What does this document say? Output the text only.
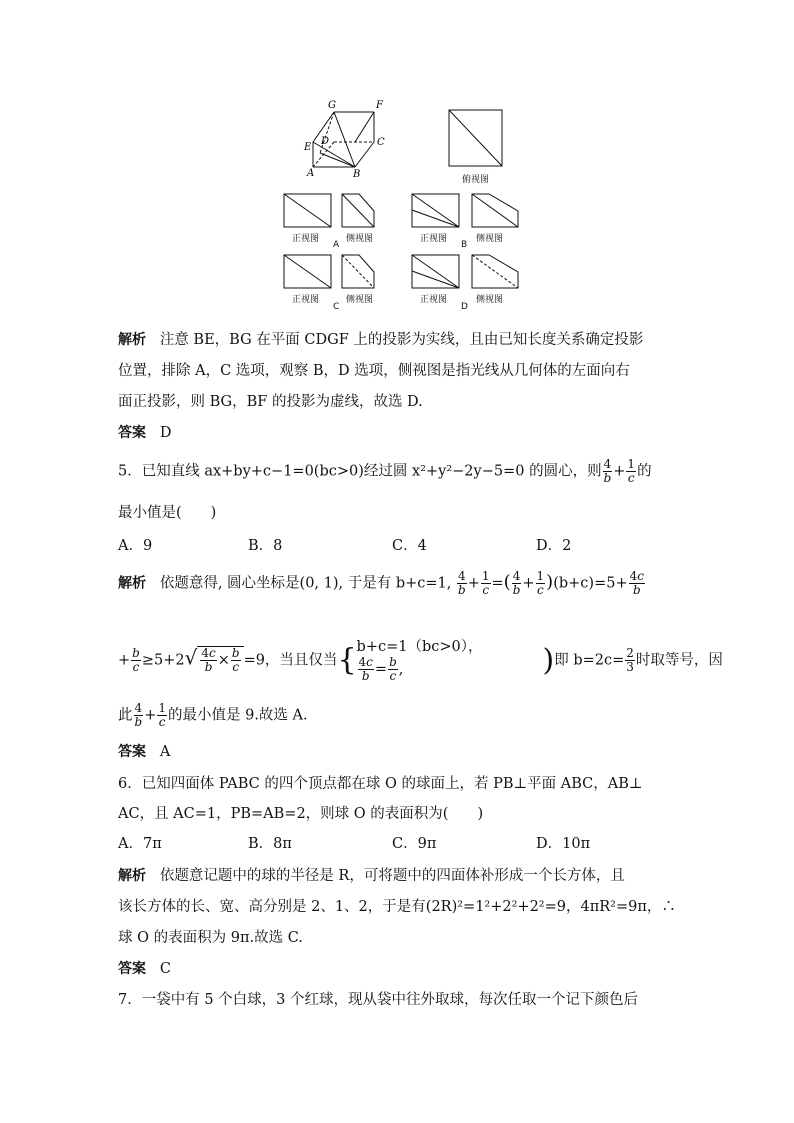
G	F
D	C
E
A	B	俯视图
正视图	侧视图
A
正视图	侧视图
B
正视图	侧视图
C
正视图	侧视图
D
解析 注意 BE，BG 在平面 CDGF 上的投影为实线，且由已知长度关系确定投影
位置，排除 A，C 选项，观察 B，D 选项，侧视图是指光线从几何体的左面向右
面正投影，则 BG，BF 的投影为虚线，故选 D.
答案 D
5．已知直线 ax+by+c−1=0(bc>0)经过圆 x²+y²−2y−5=0 的圆心，则 $\frac{4}{b} + \frac{1}{c}$ 的
最小值是(　　)
A．9	B．8	C．4	D．2
解析 依题意得, 圆心坐标是(0, 1), 于是有 b+c=1, $\frac{4}{b} + \frac{1}{c}$ =( $\frac{4}{b} + \frac{1}{c} )(b+c)=5+ \frac{4c}{b}$
+ $\frac{b}{c} \ge 5+2√ \frac{4c}{b} \times \frac{b}{c} =9$，当且仅当{ b+c=1（bc>0），
$\frac{4c}{b} = \frac{b}{c}$ ,	)即 $b=2c= \frac{2}{3}$ 时取等号，因
此 $\frac{4}{b} + \frac{1}{c}$ 的最小值是 9.故选 A.
答案 A
6．已知四面体 PABC 的四个顶点都在球 O 的球面上，若 PB⊥平面 ABC，AB⊥
AC，且 AC=1，PB=AB=2，则球 O 的表面积为(　　)
A．7π	B．8π	C．9π	D．10π
解析 依题意记题中的球的半径是 R，可将题中的四面体补形成一个长方体，且
该长方体的长、宽、高分别是 2、1、2，于是有(2R)²=1²+2²+2²=9，4πR²=9π，∴
球 O 的表面积为 9π.故选 C.
答案 C
7．一袋中有 5 个白球，3 个红球，现从袋中往外取球，每次任取一个记下颜色后
